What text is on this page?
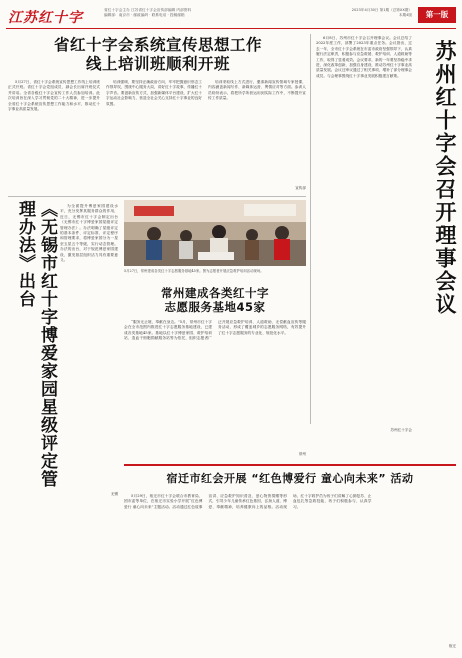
江苏红十字	省红十字会主办 江苏省红十字会宣传部编辑 内部资料
编辑部：南京市 · 邮政编码 · 联系电话 · 投稿邮箱
2023年4月30日 第1期（总第XX期）
本期4版	第一版
省红十字会系统宣传思想工作
线上培训班顺利开班

5月27日，省红十字会系统宣传思想工作线上培训班正式开班。省红十字会党组成员、副会长出席开班仪式并讲话。全省各级红十字会宣传工作人员参加培训。此次培训旨在深入学习贯彻党的二十大精神，进一步提升全省红十字会系统宣传思想工作能力和水平，推动红十字事业高质量发展。

培训强调，要坚持正确政治方向，牢牢把握意识形态工作领导权，围绕中心服务大局，讲好红十字故事，传播红十字声音。要创新宣传方式，加强新媒体平台建设，扩大红十字运动社会影响力，营造全社会关心支持红十字事业的良好氛围。

培训采取线上方式进行，邀请新闻宣传领域专家授课，内容涵盖新闻写作、新媒体运营、舆情应对等方面。参训人员纷纷表示，将把所学所获运用到实际工作中，不断提升宣传工作质量。

宣传部

6月8日，苏州市红十字会召开理事会议。会议总结了2022年度工作，部署了2023年重点任务。会议指出，过去一年，全市红十字会系统在市委市政府坚强领导下，认真履行法定职责，积极参与应急救援、救护培训、人道救助等工作，取得了显著成效。会议要求，新的一年要坚持稳中求进，深化改革创新，加强自身建设，推动苏州红十字事业高质量发展。会议还审议通过了相关事项，增补了部分理事会成员。与会理事围绕红十字事业发展积极建言献策。	苏州红十字会召开理事会议
苏州红十字会
《无锡市红十字博爱家园星级评定管理办法》出台	为全面提升博爱家园建设水平，充分发挥其服务群众的作用，近日，无锡市红十字会制定出台《无锡市红十字博爱家园星级评定管理办法》。办法明确了星级评定的基本条件、评定标准、评定程序和管理要求，将博爱家园分为一星至五星五个等级，实行动态管理。办法的出台，对于规范博爱家园建设、激发基层组织活力具有重要意义。

无锡
5月27日，常州建成各类红十字志愿服务基地45家。图为志愿者开展应急救护培训活动现场。
常州建成各类红十字
志愿服务基地45家

“服务无止境，奉献在身边。”5月，常州市红十字会在全市范围内推进红十字志愿服务基地建设，已建成各类基地45家。基地以红十字博爱家园、救护培训站、造血干细胞捐献服务站等为依托，组织志愿者广泛开展应急救护培训、人道救助、无偿献血宣传等服务活动，形成了覆盖城乡的志愿服务网络，有效提升了红十字志愿服务的专业化、规范化水平。

常州
宿迁市红会开展 “红色博爱行 童心向未来” 活动

5月29日，宿迁市红十字会联合市教育局、团市委等单位，在宿迁市实验小学开展“红色博爱行 童心向未来”主题活动。活动通过红色故事宣讲、应急救护知识普及、爱心物资捐赠等形式，引导少年儿童传承红色基因，弘扬人道、博爱、奉献精神，培养健康向上的品格。活动现场，红十字救护员为孩子们讲解了心肺复苏、止血包扎等急救技能，孩子们积极参与、认真学习。

宿迁
